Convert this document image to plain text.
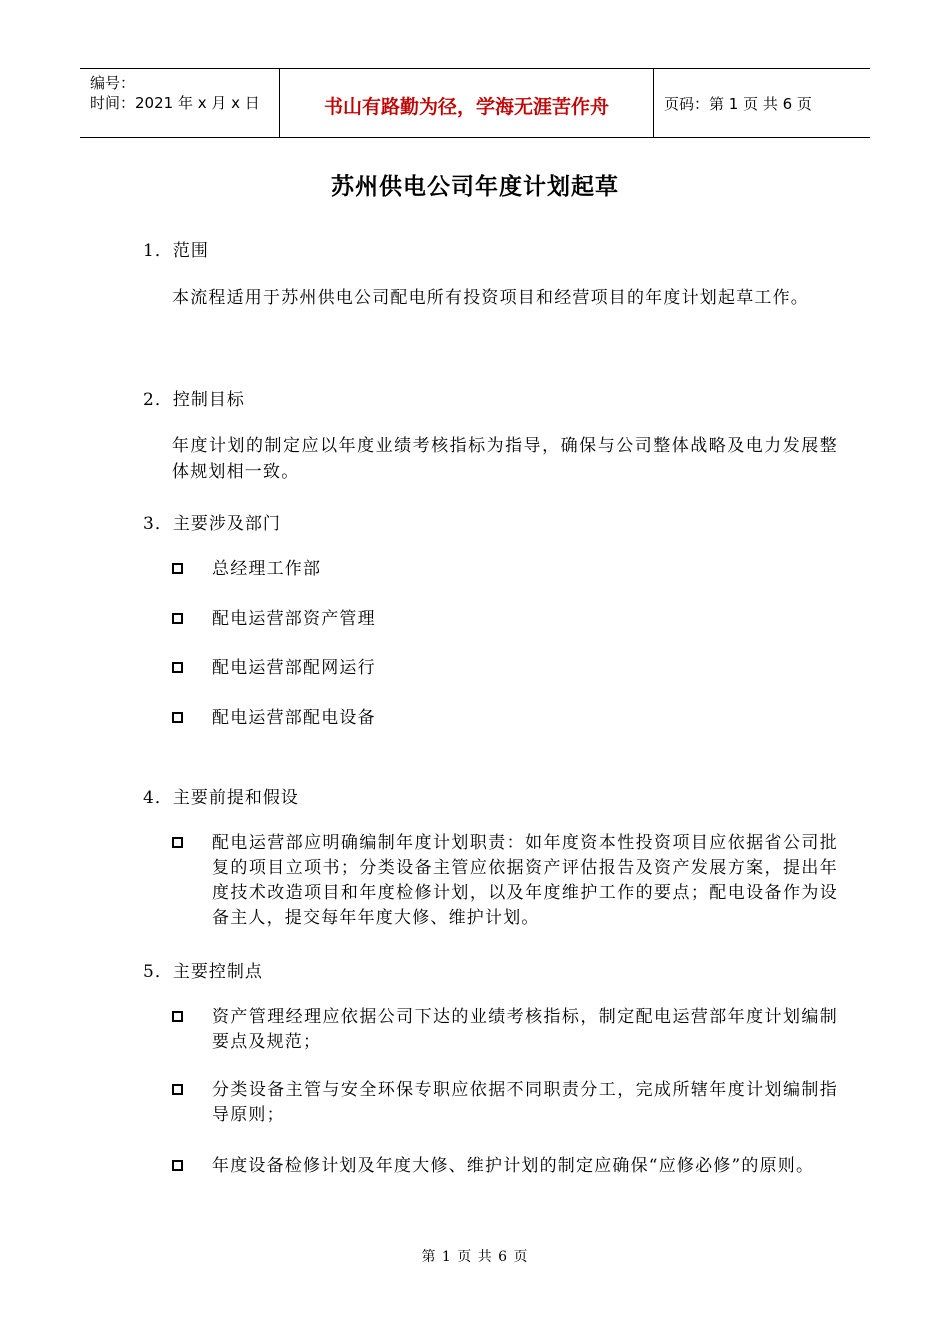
编号：
时间：2021 年 x 月 x 日	书山有路勤为径，学海无涯苦作舟	页码：第 1 页 共 6 页
苏州供电公司年度计划起草
1．范围
本流程适用于苏州供电公司配电所有投资项目和经营项目的年度计划起草工作。
2．控制目标
年度计划的制定应以年度业绩考核指标为指导，确保与公司整体战略及电力发展整体规划相一致。
3．主要涉及部门
总经理工作部
配电运营部资产管理
配电运营部配网运行
配电运营部配电设备
4．主要前提和假设
配电运营部应明确编制年度计划职责：如年度资本性投资项目应依据省公司批复的项目立项书；分类设备主管应依据资产评估报告及资产发展方案，提出年度技术改造项目和年度检修计划，以及年度维护工作的要点；配电设备作为设备主人，提交每年年度大修、维护计划。
5．主要控制点
资产管理经理应依据公司下达的业绩考核指标，制定配电运营部年度计划编制要点及规范；
分类设备主管与安全环保专职应依据不同职责分工，完成所辖年度计划编制指导原则；
年度设备检修计划及年度大修、维护计划的制定应确保“应修必修”的原则。
第 1 页 共 6 页
